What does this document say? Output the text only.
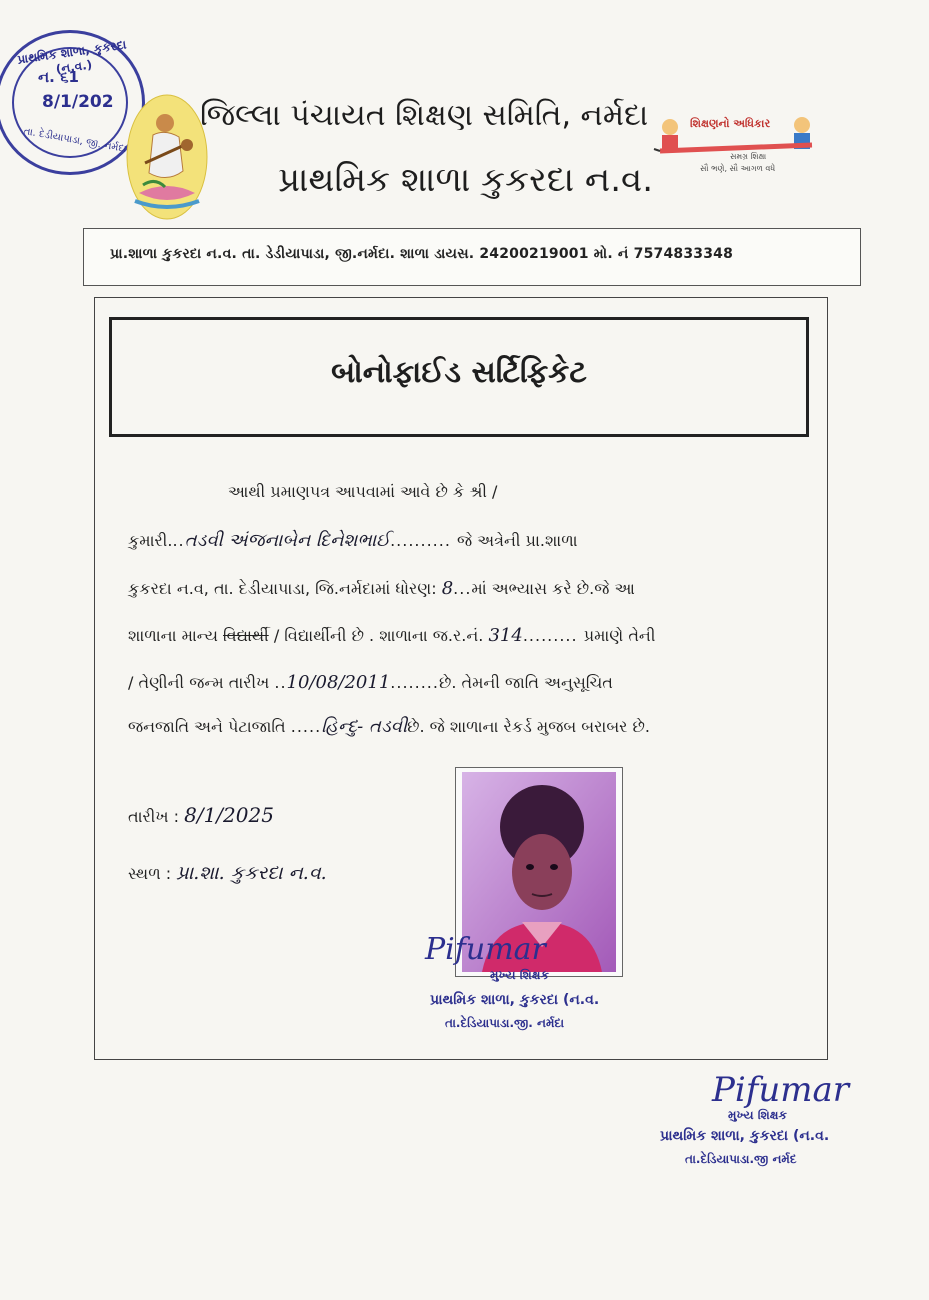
પ્રાથમિક શાળા, કુકરદા (ન.વ.)
ન. ૬1
8/1/202
તા. દેડીયાપાડા, જી. નર્મદા
જિલ્લા પંચાયત શિક્ષણ સમિતિ, નર્મદા
પ્રાથમિક શાળા કુકરદા ન.વ.
શિક્ષણનો અધિકાર
સમગ્ર શિક્ષા
સૌ ભણે, સૌ આગળ વધે
પ્રા.શાળા કુકરદા ન.વ. તા. ડેડીયાપાડા, જી.નર્મદા. શાળા ડાયસ. 24200219001 મો. નં 7574833348
બોનોફાઈડ સર્ટિફિકેટ
આથી પ્રમાણપત્ર આપવામાં આવે છે કે શ્રી /
કુમારી...તડવી અંજનાબેન દિનેશભાઈ.......... જે અત્રેની પ્રા.શાળા
કુકરદા ન.વ, તા. દેડીયાપાડા, જિ.નર્મદામાં ધોરણ: 8...માં અભ્યાસ કરે છે.જે આ
શાળાના માન્ય વિદ્યાર્થી / વિદ્યાર્થીની છે . શાળાના જ.ર.નં. 314......... પ્રમાણે તેની
/ તેણીની જન્મ તારીખ ..10/08/2011........છે. તેમની જાતિ અનુસૂચિત
જનજાતિ અને પેટાજાતિ .....હિન્દુ- તડવીછે. જે શાળાના રેકર્ડ મુજબ બરાબર છે.
તારીખ : 8/1/2025
સ્થળ : પ્રા.શા. કુકરદા ન.વ.
Pifumar
મુખ્ય શિક્ષક
પ્રાથમિક શાળા, કુકરદા (ન.વ.
તા.દેડિયાપાડા.જી. નર્મદા
Pifumar
મુખ્ય શિક્ષક
પ્રાથમિક શાળા, કુકરદા (ન.વ.
તા.દેડિયાપાડા.જી નર્મદ
